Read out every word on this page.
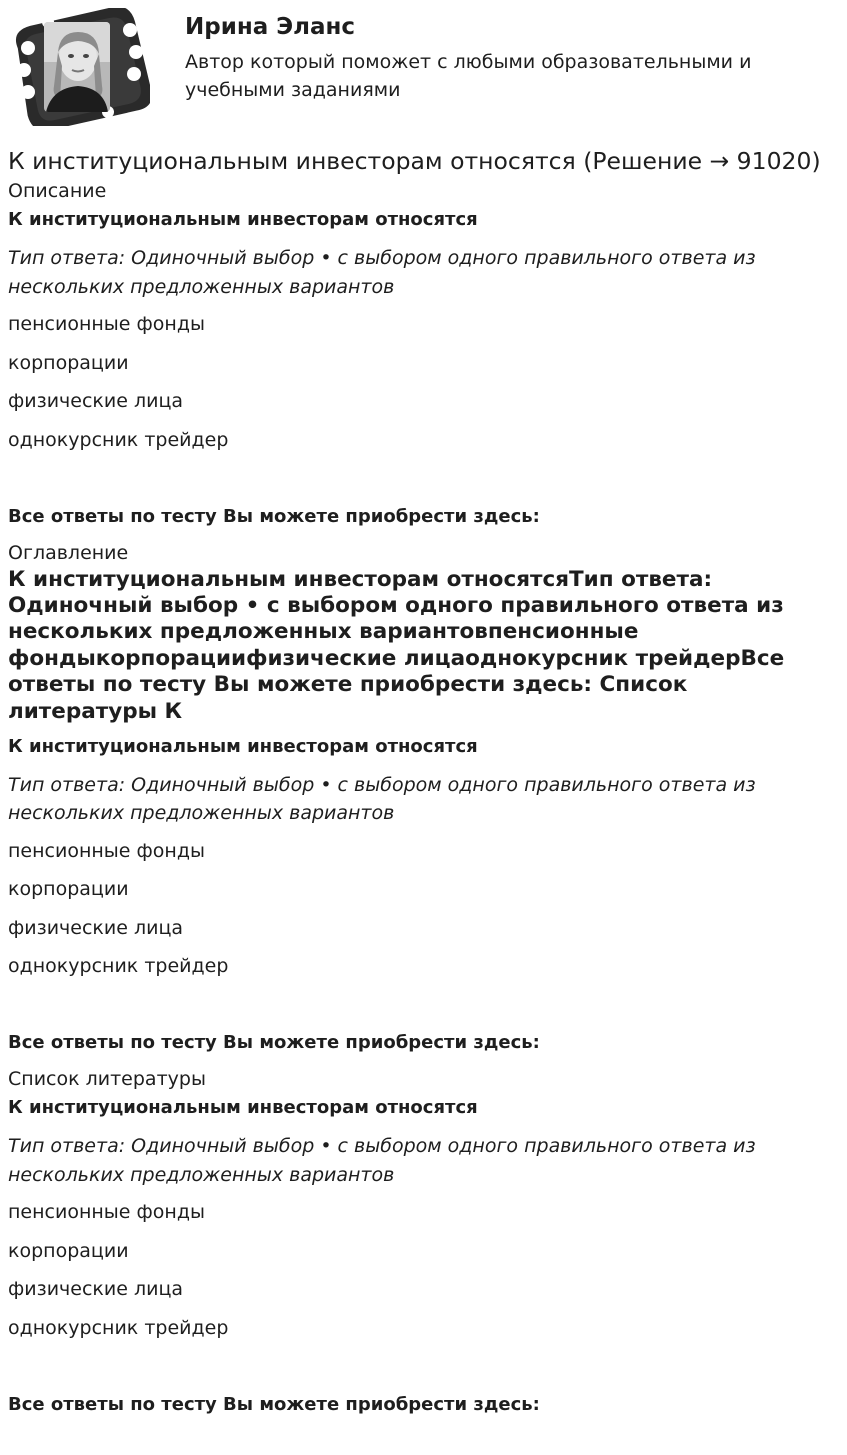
Ирина Эланс
Автор который поможет с любыми образовательными и учебными заданиями
К институциональным инвесторам относятся (Решение → 91020)
Описание
К институциональным инвесторам относятся
Тип ответа: Одиночный выбор • с выбором одного правильного ответа из нескольких предложенных вариантов
пенсионные фонды
корпорации
физические лица
однокурсник трейдер
Все ответы по тесту Вы можете приобрести здесь:
Оглавление
К институциональным инвесторам относятсяТип ответа: Одиночный выбор • с выбором одного правильного ответа из нескольких предложенных вариантовпенсионные фондыкорпорациифизические лицаоднокурсник трейдерВсе ответы по тесту Вы можете приобрести здесь: Список литературы К
К институциональным инвесторам относятся
Тип ответа: Одиночный выбор • с выбором одного правильного ответа из нескольких предложенных вариантов
пенсионные фонды
корпорации
физические лица
однокурсник трейдер
Все ответы по тесту Вы можете приобрести здесь:
Список литературы
К институциональным инвесторам относятся
Тип ответа: Одиночный выбор • с выбором одного правильного ответа из нескольких предложенных вариантов
пенсионные фонды
корпорации
физические лица
однокурсник трейдер
Все ответы по тесту Вы можете приобрести здесь:
